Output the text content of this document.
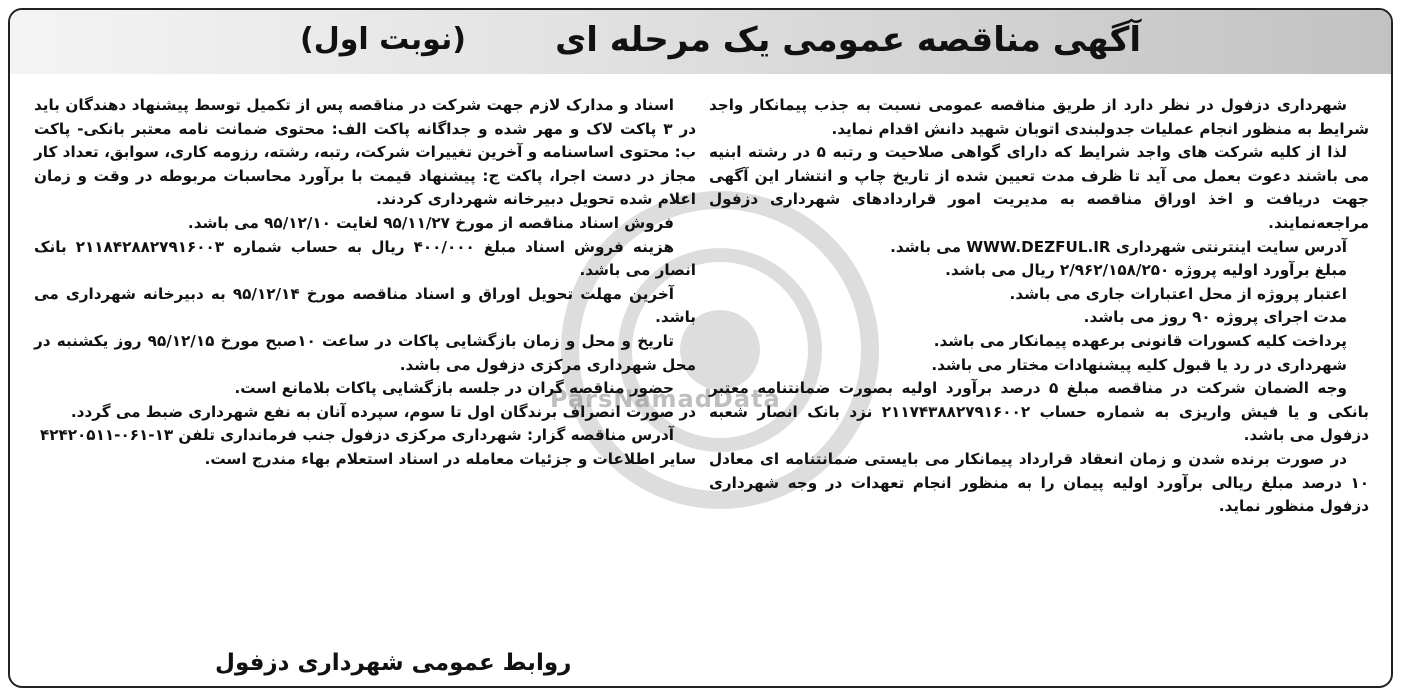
آگهی مناقصه عمومی یک مرحله ای
(نوبت اول)
ParsNamadData

شهرداری دزفول در نظر دارد از طریق مناقصه عمومی نسبت به جذب پیمانکار واجد شرایط به منظور انجام عملیات جدولبندی اتوبان شهید دانش اقدام نماید.

لذا از کلیه شرکت های واجد شرایط که دارای گواهی صلاحیت و رتبه ۵ در رشته ابنیه می باشند دعوت بعمل می آید تا ظرف مدت تعیین شده از تاریخ چاپ و انتشار این آگهی جهت دریافت و اخذ اوراق مناقصه به مدیریت امور قراردادهای شهرداری دزفول مراجعه‌نمایند.

آدرس سایت اینترنتی شهرداری WWW.DEZFUL.IR می باشد.

مبلغ برآورد اولیه پروژه ۲/۹۶۲/۱۵۸/۲۵۰ ریال می باشد.

اعتبار پروژه از محل اعتبارات جاری می باشد.

مدت اجرای پروژه ۹۰ روز می باشد.

پرداخت کلیه کسورات قانونی برعهده پیمانکار می باشد.

شهرداری در رد یا قبول کلیه پیشنهادات مختار می باشد.

وجه الضمان شرکت در مناقصه مبلغ ۵ درصد برآورد اولیه بصورت ضمانتنامه معتبر بانکی و یا فیش واریزی به شماره حساب ۲۱۱۷۴۳۸۸۲۷۹۱۶۰۰۲ نزد بانک انصار شعبه دزفول می باشد.

در صورت برنده شدن و زمان انعقاد قرارداد پیمانکار می بایستی ضمانتنامه ای معادل ۱۰ درصد مبلغ ریالی برآورد اولیه پیمان را به منظور انجام تعهدات در وجه شهرداری دزفول منظور نماید.

اسناد و مدارک لازم جهت شرکت در مناقصه پس از تکمیل توسط پیشنهاد دهندگان باید در ۳ پاکت لاک و مهر شده و جداگانه پاکت الف: محتوی ضمانت نامه معتبر بانکی- پاکت ب: محتوی اساسنامه و آخرین تغییرات شرکت، رتبه، رشته، رزومه کاری، سوابق، تعداد کار مجاز در دست اجرا، پاکت ج: پیشنهاد قیمت با برآورد محاسبات مربوطه در وقت و زمان اعلام شده تحویل دبیرخانه شهرداری کردند.

فروش اسناد مناقصه از مورخ ۹۵/۱۱/۲۷ لغایت ۹۵/۱۲/۱۰ می باشد.

هزینه فروش اسناد مبلغ ۴۰۰/۰۰۰ ریال به حساب شماره ۲۱۱۸۴۲۸۸۲۷۹۱۶۰۰۳ بانک انصار می باشد.

آخرین مهلت تحویل اوراق و اسناد مناقصه مورخ ۹۵/۱۲/۱۴ به دبیرخانه شهرداری می باشد.

تاریخ و محل و زمان بازگشایی پاکات در ساعت ۱۰صبح مورخ ۹۵/۱۲/۱۵ روز یکشنبه در محل شهرداری مرکزی دزفول می باشد.

حضور مناقصه گران در جلسه بازگشایی پاکات بلامانع است.

در صورت انصراف برندگان اول تا سوم، سپرده آنان به نفع شهرداری ضبط می گردد.

آدرس مناقصه گزار: شهرداری مرکزی دزفول جنب فرمانداری تلفن ۱۳-۰۶۱-۴۲۴۲۰۵۱۱

سایر اطلاعات و جزئیات معامله در اسناد استعلام بهاء مندرج است.

روابط عمومی شهرداری دزفول
